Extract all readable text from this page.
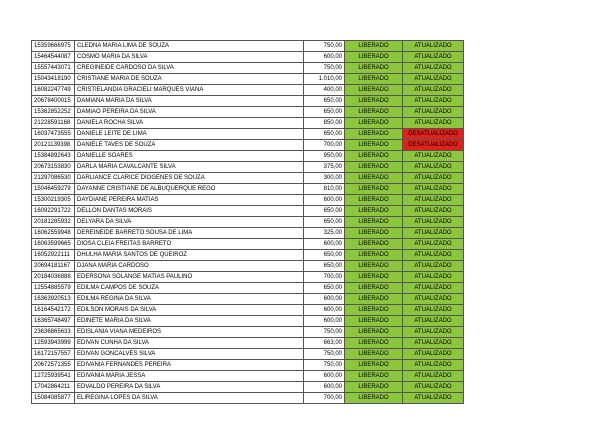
15359666975	CLEDNA MARIA LIMA DE SOUZA	750,00	LIBERADO	ATUALIZADO
15464544087	COSMO MARIA DA SILVA	600,00	LIBERADO	ATUALIZADO
15557443071	CREGINEIDE CARDOSO DA SILVA	750,00	LIBERADO	ATUALIZADO
15043418190	CRISTIANE MARIA DE SOUZA	1.010,00	LIBERADO	ATUALIZADO
16082247749	CRISTIELANDIA GRACIELI MARQUES VIANA	400,00	LIBERADO	ATUALIZADO
20678400015	DAMIANA MARIA DA SILVA	650,00	LIBERADO	ATUALIZADO
15362852252	DAMIAO PEREIRA DA SILVA	650,00	LIBERADO	ATUALIZADO
21228591168	DANIELA ROCHA SILVA	850,00	LIBERADO	ATUALIZADO
16037473555	DANIELE LEITE DE LIMA	650,00	LIBERADO	DESATUALIZADO
20121139398	DANIELE TAVES DE SOUZA	700,00	LIBERADO	DESATUALIZADO
15384892643	DANIELLE SOARES	950,00	LIBERADO	ATUALIZADO
20673153830	DARLA MARIA CAVALCANTE SILVA	375,00	LIBERADO	ATUALIZADO
21297086530	DARLIANCE CLARICE DIOGENES DE SOUZA	300,00	LIBERADO	ATUALIZADO
15046459279	DAYANNE CRISTIANE DE ALBUQUERQUE REGO	810,00	LIBERADO	ATUALIZADO
15300219305	DAYDIANE PEREIRA MATIAS	600,00	LIBERADO	ATUALIZADO
16092291722	DELLON DANTAS MORAIS	650,00	LIBERADO	ATUALIZADO
20181285932	DELYARA DA SILVA	650,00	LIBERADO	ATUALIZADO
16062559948	DEREINEIDE BARRETO SOUSA DE LIMA	325,00	LIBERADO	ATUALIZADO
16063599665	DIOSA CLEIA FREITAS BARRETO	600,00	LIBERADO	ATUALIZADO
16052922111	DHULHA MARIA SANTOS DE QUEIROZ	650,00	LIBERADO	ATUALIZADO
20694181167	DJANA MARIA CARDOSO	650,00	LIBERADO	ATUALIZADO
20184036888	EDERSONA SOLANGE MATIAS PAULINO	700,00	LIBERADO	ATUALIZADO
12554885579	EDILMA CAMPOS DE SOUZA	650,00	LIBERADO	ATUALIZADO
16363920513	EDILMA REGINA DA SILVA	600,00	LIBERADO	ATUALIZADO
16164542172	EDILSON MORAIS DA SILVA	600,00	LIBERADO	ATUALIZADO
16365748497	EDINETE MARIA DA SILVA	600,00	LIBERADO	ATUALIZADO
23636865633	EDISLANIA VIANA MEDEIROS	750,00	LIBERADO	ATUALIZADO
12593943999	EDIVAN CUNHA DA SILVA	663,00	LIBERADO	ATUALIZADO
16172157557	EDIVAN GONCALVES SILVA	750,00	LIBERADO	ATUALIZADO
20672571355	EDIVANIA FERNANDES PEREIRA	750,00	LIBERADO	ATUALIZADO
12725939541	EDIVANIA MARIA JESSA	600,00	LIBERADO	ATUALIZADO
17042864211	EDVALDO PEREIRA DA SILVA	600,00	LIBERADO	ATUALIZADO
15084085877	ELIREGINA LOPES DA SILVA	700,00	LIBERADO	ATUALIZADO
